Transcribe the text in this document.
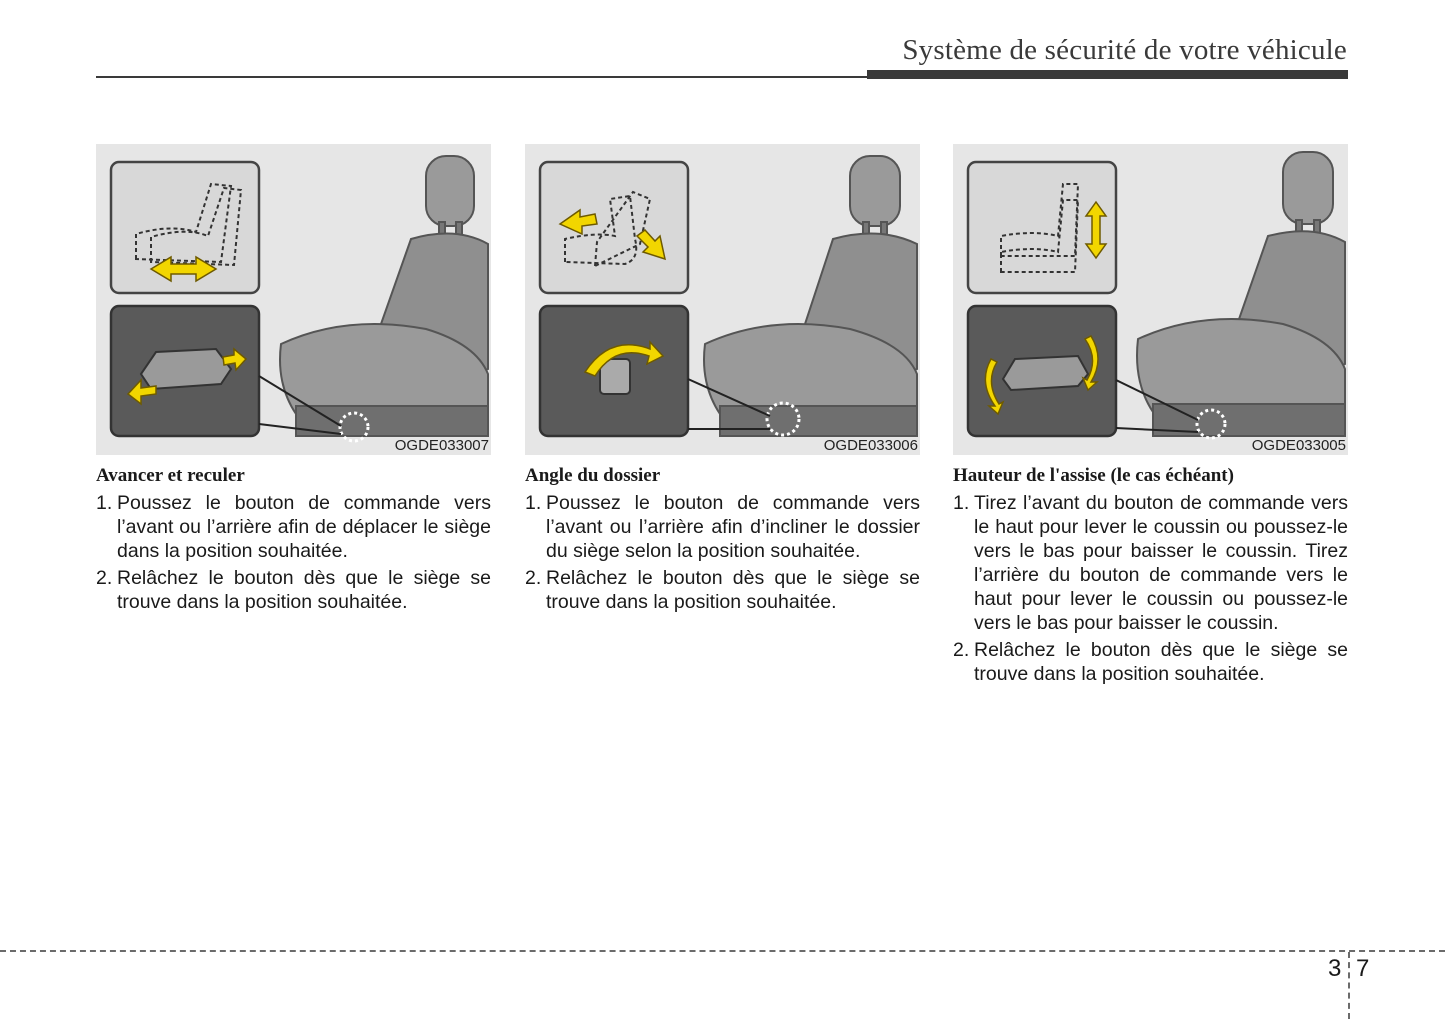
Système de sécurité de votre véhicule
OGDE033007
Avancer et reculer
1. Poussez le bouton de commande vers l’avant ou l’arrière afin de déplacer le siège dans la position souhaitée.
2. Relâchez le bouton dès que le siège se trouve dans la position souhaitée.
OGDE033006
Angle du dossier
1. Poussez le bouton de commande vers l’avant ou l’arrière afin d’incliner le dossier du siège selon la position souhaitée.
2. Relâchez le bouton dès que le siège se trouve dans la position souhaitée.
OGDE033005
Hauteur de l'assise (le cas échéant)
1. Tirez l’avant du bouton de commande vers le haut pour lever le coussin ou poussez-le vers le bas pour baisser le coussin. Tirez l’arrière du bouton de commande vers le haut pour lever le coussin ou poussez-le vers le bas pour baisser le coussin.
2. Relâchez le bouton dès que le siège se trouve dans la position souhaitée.
3 7
